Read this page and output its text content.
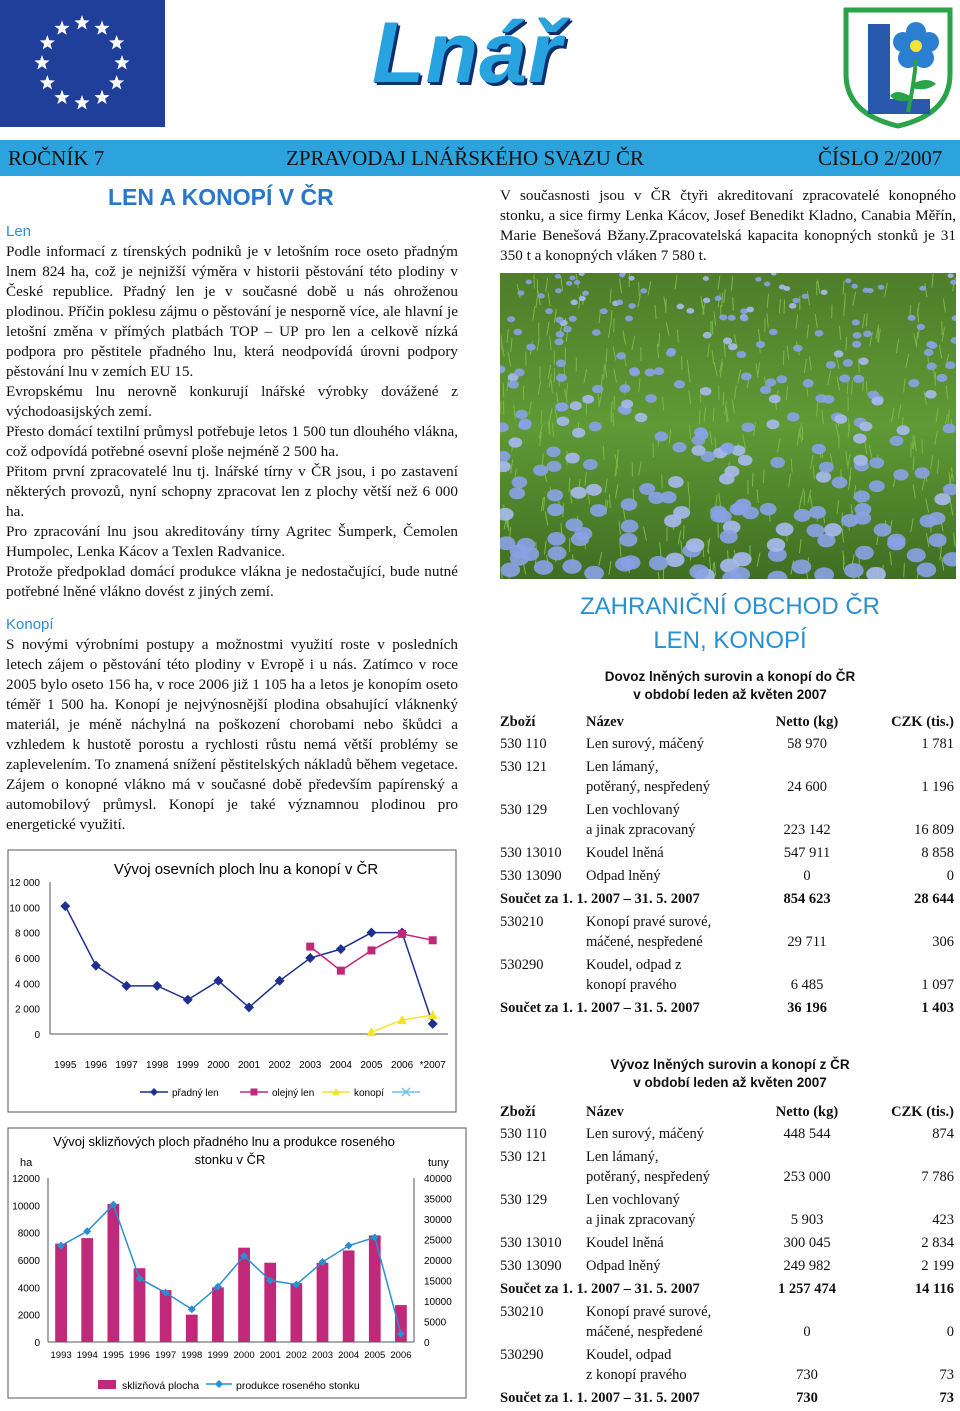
Lnář
ROČNÍK 7	ZPRAVODAJ LNÁŘSKÉHO SVAZU ČR	ČÍSLO 2/2007
LEN A KONOPÍ V ČR

Len

Podle informací z tírenských podniků je v letošním roce oseto přadným lnem 824 ha, což je nejnižší výměra v historii pěstování této plodiny v České republice. Přadný len je v současné době u nás ohroženou plodinou. Příčin poklesu zájmu o pěstování je nesporně více, ale hlavní je letošní změna v přímých platbách TOP – UP pro len a celkově nízká podpora pro pěstitele přadného lnu, která neodpovídá úrovni podpory pěstování lnu v zemích EU 15.

Evropskému lnu nerovně konkurují lnářské výrobky dovážené z východoasijských zemí.

Přesto domácí textilní průmysl potřebuje letos 1 500 tun dlouhého vlákna, což odpovídá potřebné osevní ploše nejméně 2 500 ha.

Přitom první zpracovatelé lnu tj. lnářské tírny v ČR jsou, i po zastavení některých provozů, nyní schopny zpracovat len z plochy větší než 6 000 ha.

Pro zpracování lnu jsou akreditovány tírny Agritec Šumperk, Čemolen Humpolec, Lenka Kácov a Texlen Radvanice.

Protože předpoklad domácí produkce vlákna je nedostačující, bude nutné potřebné lněné vlákno dovést z jiných zemí.

Konopí

S novými výrobními postupy a možnostmi využití roste v posledních letech zájem o pěstování této plodiny v Evropě i u nás. Zatímco v roce 2005 bylo oseto 156 ha, v roce 2006 již 1 105 ha a letos je konopím oseto téměř 1 500 ha. Konopí je nejvýnosnější plodina obsahující vláknenký materiál, je méně náchylná na poškození chorobami nebo škůdci a vzhledem k hustotě porostu a rychlosti růstu nemá větší problémy se zaplevelením. To znamená snížení pěstitelských nákladů během vegetace. Zájem o konopné vlákno má v současné době především papírenský a automobilový průmysl. Konopí je také významnou plodinou pro energetické využití.

V současnosti jsou v ČR čtyři akreditovaní zpracovatelé konopného stonku, a sice firmy Lenka Kácov, Josef Benedikt Kladno, Canabia Měřín, Marie Benešová Bžany.Zpracovatelská kapacita konopných stonků je 31 350 t a konopných vláken 7 580 t.

ZAHRANIČNÍ OBCHOD ČR
LEN, KONOPÍ
Dovoz lněných surovin a konopí do ČR
v období leden až květen 2007
Zboží	Název	Netto (kg)	CZK (tis.)
530 110	Len surový, máčený	58 970	1 781
530 121	Len lámaný,
potěraný, nespředený	24 600	1 196
530 129	Len vochlovaný
a jinak zpracovaný	223 142	16 809
530 13010	Koudel lněná	547 911	8 858
530 13090	Odpad lněný	0	0
Součet za 1. 1. 2007 – 31. 5. 2007		854 623	28 644
530210	Konopí pravé surové,
máčené, nespředené	29 711	306
530290	Koudel, odpad z
konopí pravého	6 485	1 097
Součet za 1. 1. 2007 – 31. 5. 2007		36 196	1 403
Vývoz lněných surovin a konopí z ČR
v období leden až květen 2007
Zboží	Název	Netto (kg)	CZK (tis.)
530 110	Len surový, máčený	448 544	874
530 121	Len lámaný,
potěraný, nespředený	253 000	7 786
530 129	Len vochlovaný
a jinak zpracovaný	5 903	423
530 13010	Koudel lněná	300 045	2 834
530 13090	Odpad lněný	249 982	2 199
Součet za 1. 1. 2007 – 31. 5. 2007		1 257 474	14 116
530210	Konopí pravé surové,
máčené, nespředené	0	0
530290	Koudel, odpad
z konopí pravého	730	73
Součet za 1. 1. 2007 – 31. 5. 2007		730	73
Vývoj osevních ploch lnu a konopí v ČR
0
2 000
4 000
6 000
8 000
10 000
12 000
1995 1996 1997 1998 1999 2000 2001 2002 2003 2004 2005 2006 *2007
přadný len	olejný len	konopí
Vývoj sklizňových ploch přadného lnu a produkce roseného
stonku v ČR
ha	tuny
0
2000
4000
6000
8000
10000
12000
0
5000
10000
15000
20000
25000
30000
35000
40000
1993 1994 1995 1996 1997 1998 1999 2000 2001 2002 2003 2004 2005 2006
sklizňová plocha	produkce roseného stonku
